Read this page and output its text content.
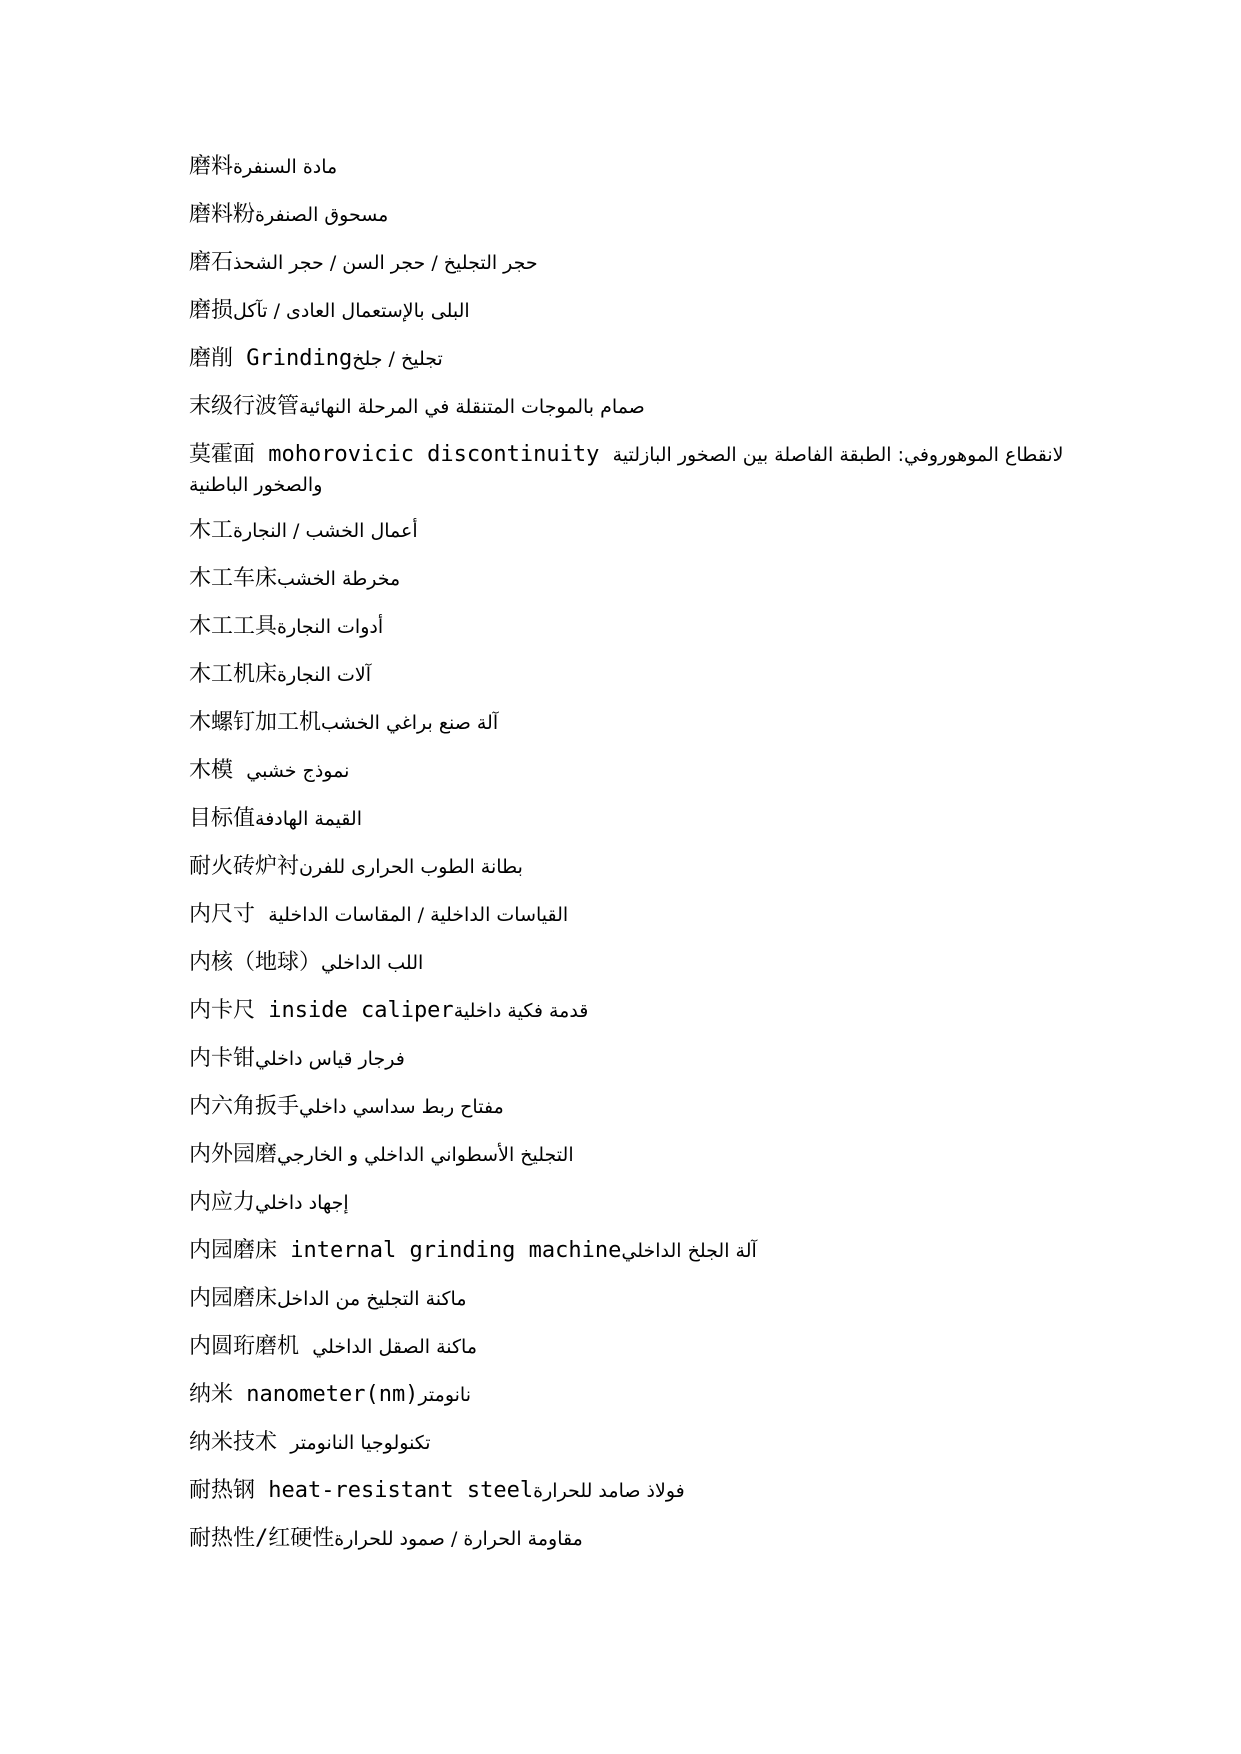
磨料مادة السنفرة
磨料粉مسحوق الصنفرة
磨石حجر التجليخ / حجر السن / حجر الشحذ
磨损البلى بالإستعمال العادى / تآكل
磨削 Grindingتجليخ / جلخ
末级行波管صمام بالموجات المتنقلة في المرحلة النهائية
莫霍面 mohorovicic discontinuity لانقطاع الموهوروفي: الطبقة الفاصلة بين الصخور البازلتية والصخور الباطنية
木工أعمال الخشب / النجارة
木工车床مخرطة الخشب
木工工具أدوات النجارة
木工机床آلات النجارة
木螺钉加工机آلة صنع براغي الخشب
木模 نموذج خشبي
目标值القيمة الهادفة
耐火砖炉衬بطانة الطوب الحرارى للفرن
内尺寸 القياسات الداخلية / المقاسات الداخلية
内核（地球）اللب الداخلي
内卡尺 inside caliperقدمة فكية داخلية
内卡钳فرجار قياس داخلي
内六角扳手مفتاح ربط سداسي داخلي
内外园磨التجليخ الأسطواني الداخلي و الخارجي
内应力إجهاد داخلي
内园磨床 internal grinding machineآلة الجلخ الداخلي
内园磨床ماكنة التجليخ من الداخل
内圆珩磨机 ماكنة الصقل الداخلي
纳米 nanometer(nm)نانومتر
纳米技术 تكنولوجيا النانومتر
耐热钢 heat-resistant steelفولاذ صامد للحرارة
耐热性/红硬性مقاومة الحرارة / صمود للحرارة
